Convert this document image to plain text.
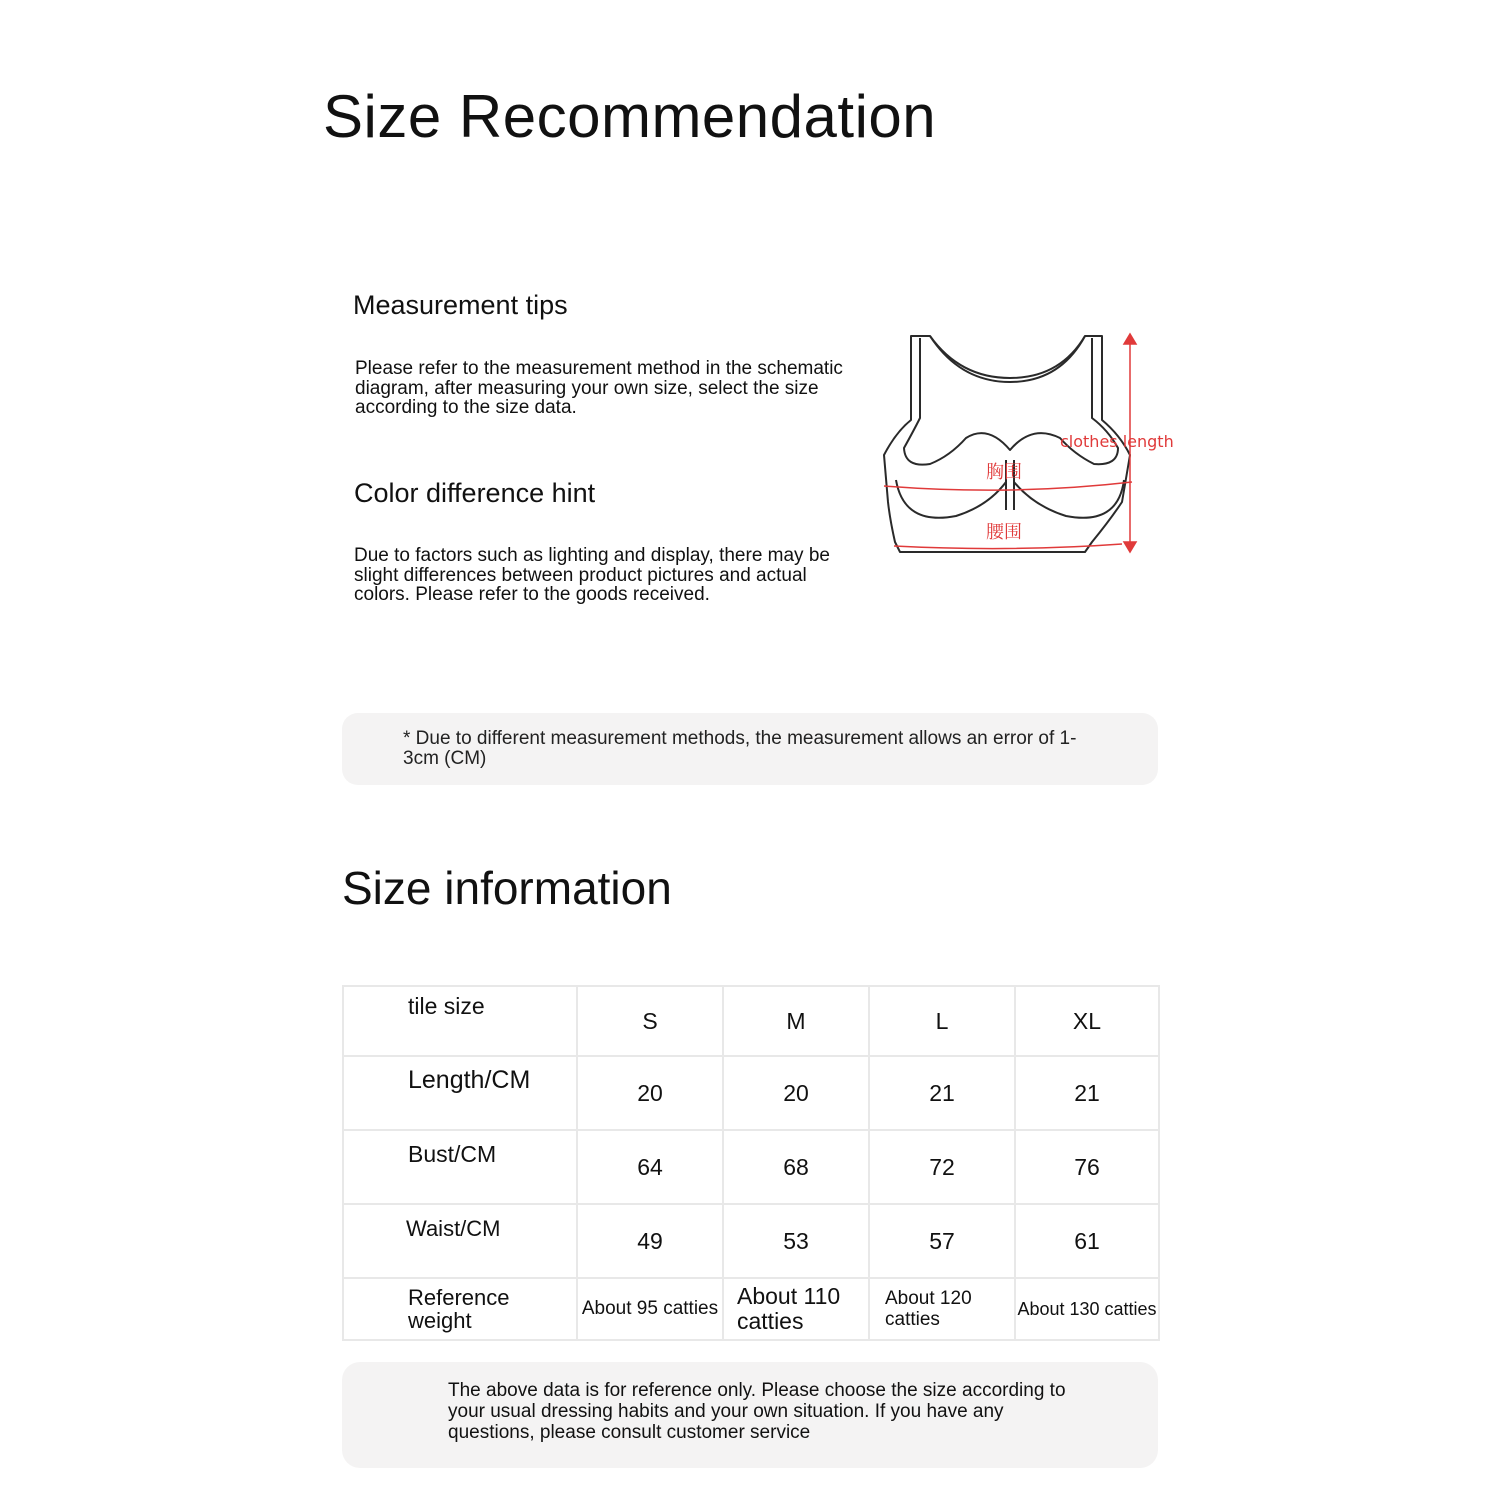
Size Recommendation
Measurement tips
Please refer to the measurement method in the schematic diagram, after measuring your own size, select the size according to the size data.
Color difference hint
Due to factors such as lighting and display, there may be slight differences between product pictures and actual colors. Please refer to the goods received.
clothes length
胸围
腰围
* Due to different measurement methods, the measurement allows an error of 1-3cm (CM)
Size information
tile size	S	M	L	XL
Length/CM	20	20	21	21
Bust/CM	64	68	72	76
Waist/CM	49	53	57	61
Reference weight	About 95 catties	About 110 catties	About 120 catties	About 130 catties
The above data is for reference only. Please choose the size according to your usual dressing habits and your own situation. If you have any questions, please consult customer service
